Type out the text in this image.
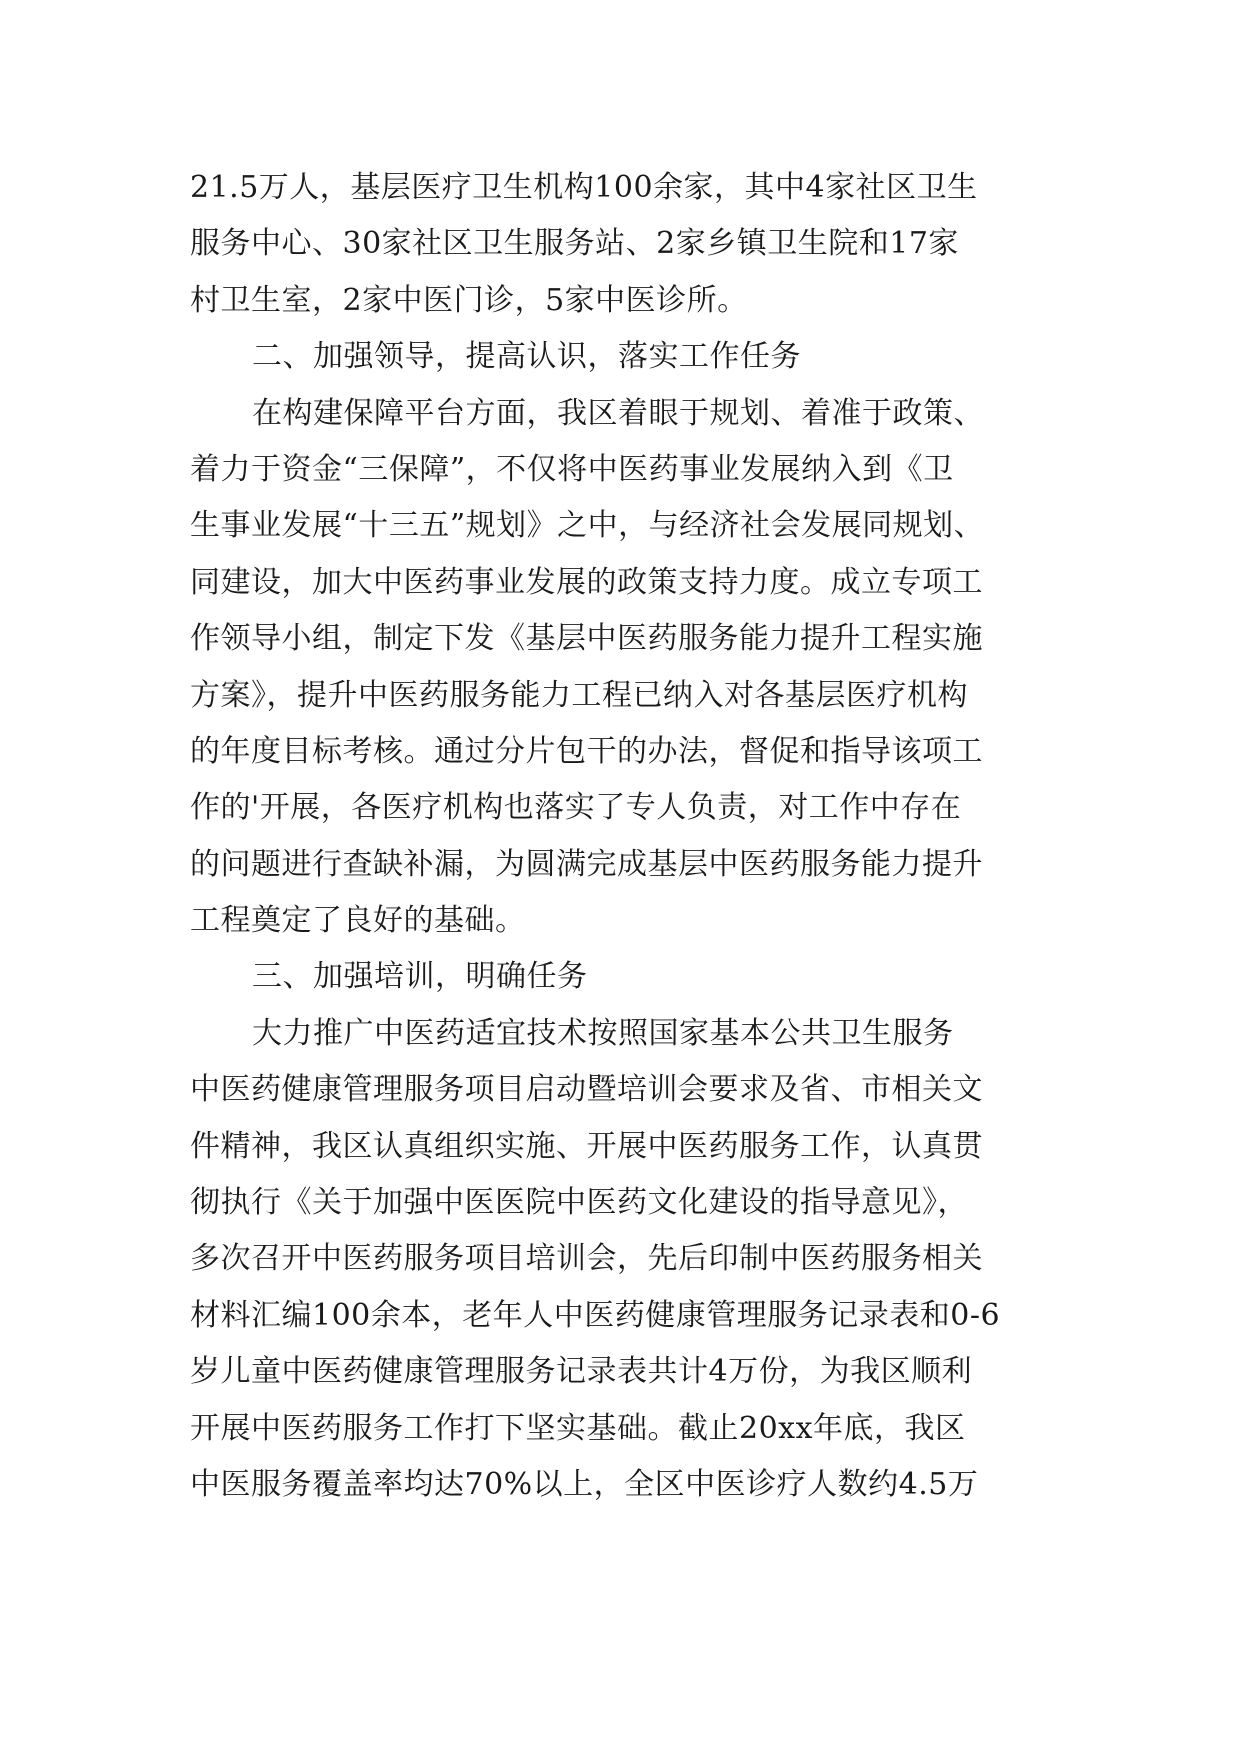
21.5万人，基层医疗卫生机构100余家，其中4家社区卫生
服务中心、30家社区卫生服务站、2家乡镇卫生院和17家
村卫生室，2家中医门诊，5家中医诊所。
二、加强领导，提高认识，落实工作任务
在构建保障平台方面，我区着眼于规划、着准于政策、
着力于资金“三保障”，不仅将中医药事业发展纳入到《卫
生事业发展“十三五”规划》之中，与经济社会发展同规划、
同建设，加大中医药事业发展的政策支持力度。成立专项工
作领导小组，制定下发《基层中医药服务能力提升工程实施
方案》，提升中医药服务能力工程已纳入对各基层医疗机构
的年度目标考核。通过分片包干的办法，督促和指导该项工
作的'开展，各医疗机构也落实了专人负责，对工作中存在
的问题进行查缺补漏，为圆满完成基层中医药服务能力提升
工程奠定了良好的基础。
三、加强培训，明确任务
大力推广中医药适宜技术按照国家基本公共卫生服务
中医药健康管理服务项目启动暨培训会要求及省、市相关文
件精神，我区认真组织实施、开展中医药服务工作，认真贯
彻执行《关于加强中医医院中医药文化建设的指导意见》，
多次召开中医药服务项目培训会，先后印制中医药服务相关
材料汇编100余本，老年人中医药健康管理服务记录表和0-6
岁儿童中医药健康管理服务记录表共计4万份，为我区顺利
开展中医药服务工作打下坚实基础。截止20xx年底，我区
中医服务覆盖率均达70%以上，全区中医诊疗人数约4.5万
